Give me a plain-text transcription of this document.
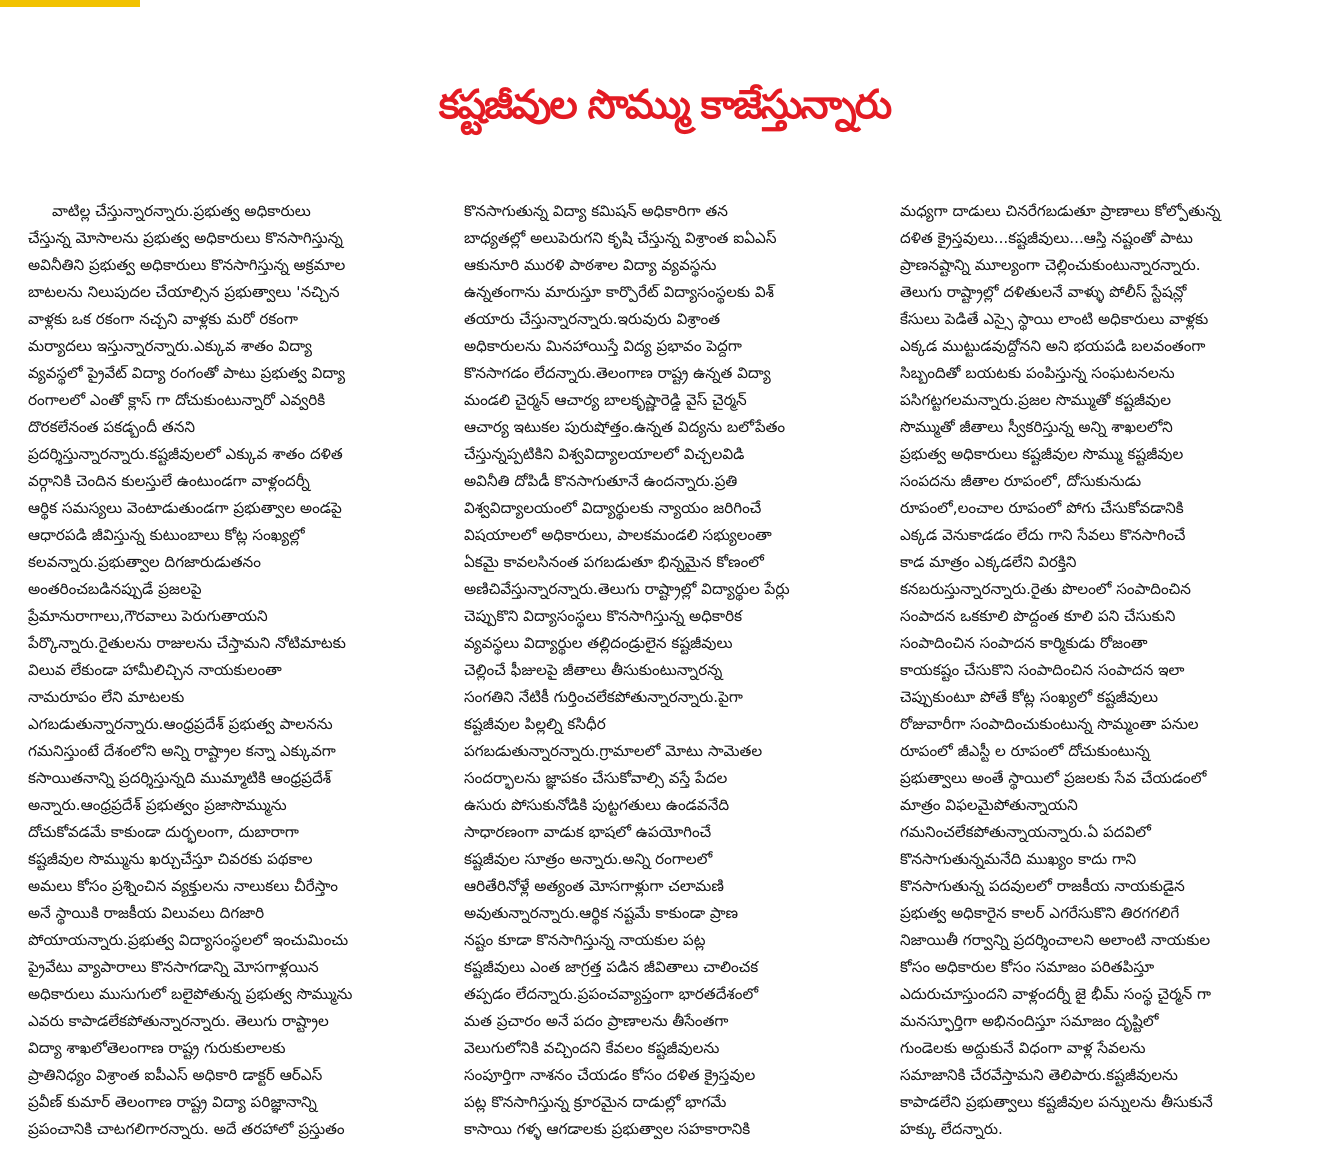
కష్టజీవుల సొమ్ము కాజేస్తున్నారు
వాటిల్ల చేస్తున్నారన్నారు.ప్రభుత్వ అధికారులు
చేస్తున్న మోసాలను ప్రభుత్వ అధికారులు కొనసాగిస్తున్న
అవినీతిని ప్రభుత్వ అధికారులు కొనసాగిస్తున్న అక్రమాల
బాటలను నిలుపుదల చేయాల్సిన ప్రభుత్వాలు 'నచ్చిన
వాళ్లకు ఒక రకంగా నచ్చని వాళ్లకు మరో రకంగా
మర్యాదలు ఇస్తున్నారన్నారు.ఎక్కువ శాతం విద్యా
వ్యవస్థలో ప్రైవేట్ విద్యా రంగంతో పాటు ప్రభుత్వ విద్యా
రంగాలలో ఎంతో క్లాస్ గా దోచుకుంటున్నారో ఎవ్వరికి
దొరకలేనంత పకడ్బందీ తనని
ప్రదర్శిస్తున్నారన్నారు.కష్టజీవులలో ఎక్కువ శాతం దళిత
వర్గానికి చెందిన కులస్తులే ఉంటుండగా వాళ్లందర్నీ
ఆర్థిక సమస్యలు వెంటాడుతుండగా ప్రభుత్వాల అండపై
ఆధారపడి జీవిస్తున్న కుటుంబాలు కోట్ల సంఖ్యల్లో
కలవన్నారు.ప్రభుత్వాల దిగజారుడుతనం
అంతరించబడినప్పుడే ప్రజలపై
ప్రేమానురాగాలు,గౌరవాలు పెరుగుతాయని
పేర్కొన్నారు.రైతులను రాజులను చేస్తామని నోటిమాటకు
విలువ లేకుండా హామీలిచ్చిన నాయకులంతా
నామరూపం లేని మాటలకు
ఎగబడుతున్నారన్నారు.ఆంధ్రప్రదేశ్ ప్రభుత్వ పాలనను
గమనిస్తుంటే దేశంలోని అన్ని రాష్ట్రాల కన్నా ఎక్కువగా
కసాయితనాన్ని ప్రదర్శిస్తున్నది ముమ్మాటికి ఆంధ్రప్రదేశ్
అన్నారు.ఆంధ్రప్రదేశ్ ప్రభుత్వం ప్రజాసొమ్మును
దోచుకోవడమే కాకుండా దుర్భలంగా, దుబారాగా
కష్టజీవుల సొమ్మును ఖర్చుచేస్తూ చివరకు పథకాల
అమలు కోసం ప్రశ్నించిన వ్యక్తులను నాలుకలు చీరేస్తాం
అనే స్థాయికి రాజకీయ విలువలు దిగజారి
పోయాయన్నారు.ప్రభుత్వ విద్యాసంస్థలలో ఇంచుమించు
ప్రైవేటు వ్యాపారాలు కొనసాగడాన్ని మోసగాళ్లయిన
అధికారులు ముసుగులో బలైపోతున్న ప్రభుత్వ సొమ్మును
ఎవరు కాపాడలేకపోతున్నారన్నారు. తెలుగు రాష్ట్రాల
విద్యా శాఖలోతెలంగాణ రాష్ట్ర గురుకులాలకు
ప్రాతినిధ్యం విశ్రాంత ఐపీఎస్ అధికారి డాక్టర్ ఆర్ఎస్
ప్రవీణ్ కుమార్ తెలంగాణ రాష్ట్ర విద్యా పరిజ్ఞానాన్ని
ప్రపంచానికి చాటగలిగారన్నారు. అదే తరహాలో ప్రస్తుతం
కొనసాగుతున్న విద్యా కమిషన్ అధికారిగా తన
బాధ్యతల్లో అలుపెరుగని కృషి చేస్తున్న విశ్రాంత ఐఏఎస్
ఆకునూరి మురళి పాఠశాల విద్యా వ్యవస్థను
ఉన్నతంగాను మారుస్తూ కార్పొరేట్ విద్యాసంస్థలకు విశ్
తయారు చేస్తున్నారన్నారు.ఇరువురు విశ్రాంత
అధికారులను మినహాయిస్తే విద్య ప్రభావం పెద్దగా
కొనసాగడం లేదన్నారు.తెలంగాణ రాష్ట్ర ఉన్నత విద్యా
మండలి చైర్మన్ ఆచార్య బాలకృష్ణారెడ్డి వైస్ చైర్మన్
ఆచార్య ఇటుకల పురుషోత్తం.ఉన్నత విద్యను బలోపేతం
చేస్తున్నప్పటికిని విశ్వవిద్యాలయాలలో విచ్చలవిడి
అవినీతి దోపిడీ కొనసాగుతూనే ఉందన్నారు.ప్రతి
విశ్వవిద్యాలయంలో విద్యార్థులకు న్యాయం జరిగించే
విషయాలలో అధికారులు, పాలకమండలి సభ్యులంతా
ఏకమై కావలసినంత పగబడుతూ భిన్నమైన కోణంలో
అణిచివేస్తున్నారన్నారు.తెలుగు రాష్ట్రాల్లో విద్యార్థుల పేర్లు
చెప్పుకొని విద్యాసంస్థలు కొనసాగిస్తున్న అధికారిక
వ్యవస్థలు విద్యార్థుల తల్లిదండ్రులైన కష్టజీవులు
చెల్లించే ఫీజులపై జీతాలు తీసుకుంటున్నారన్న
సంగతిని నేటికీ గుర్తించలేకపోతున్నారన్నారు.పైగా
కష్టజీవుల పిల్లల్ని కసిధీర
పగబడుతున్నారన్నారు.గ్రామాలలో మోటు సామెతల
సందర్భాలను జ్ఞాపకం చేసుకోవాల్సి వస్తే పేదల
ఉసురు పోసుకునోడికి పుట్టగతులు ఉండవనేది
సాధారణంగా వాడుక భాషలో ఉపయోగించే
కష్టజీవుల సూత్రం అన్నారు.అన్ని రంగాలలో
ఆరితేరినోళ్లే అత్యంత మోసగాళ్లుగా చలామణి
అవుతున్నారన్నారు.ఆర్థిక నష్టమే కాకుండా ప్రాణ
నష్టం కూడా కొనసాగిస్తున్న నాయకుల పట్ల
కష్టజీవులు ఎంత జాగ్రత్త పడిన జీవితాలు చాలించక
తప్పడం లేదన్నారు.ప్రపంచవ్యాప్తంగా భారతదేశంలో
మత ప్రచారం అనే పదం ప్రాణాలను తీసేంతగా
వెలుగులోనికి వచ్చిందని కేవలం కష్టజీవులను
సంపూర్తిగా నాశనం చేయడం కోసం దళిత క్రైస్తవుల
పట్ల కొనసాగిస్తున్న క్రూరమైన దాడుల్లో భాగమే
కాసాయి గళ్ళ ఆగడాలకు ప్రభుత్వాల సహకారానికి
మధ్యగా దాడులు చినరేగబడుతూ ప్రాణాలు కోల్పోతున్న
దళిత క్రైస్తవులు...కష్టజీవులు...ఆస్తి నష్టంతో పాటు
ప్రాణనష్టాన్ని మూల్యంగా చెల్లించుకుంటున్నారన్నారు.
తెలుగు రాష్ట్రాల్లో దళితులనే వాళ్ళు పోలీస్ స్టేషన్లో
కేసులు పెడితే ఎస్సై స్థాయి లాంటి అధికారులు వాళ్లకు
ఎక్కడ ముట్టుడవుద్దోనని అని భయపడి బలవంతంగా
సిబ్బందితో బయటకు పంపిస్తున్న సంఘటనలను
పసిగట్టగలమన్నారు.ప్రజల సొమ్ముతో కష్టజీవుల
సొమ్ముతో జీతాలు స్వీకరిస్తున్న అన్ని శాఖలలోని
ప్రభుత్వ అధికారులు కష్టజీవుల సొమ్ము కష్టజీవుల
సంపదను జీతాల రూపంలో, దోసుకునుడు
రూపంలో,లంచాల రూపంలో పోగు చేసుకోవడానికి
ఎక్కడ వెనుకాడడం లేదు గాని సేవలు కొనసాగించే
కాడ మాత్రం ఎక్కడలేని విరక్తిని
కనబరుస్తున్నారన్నారు.రైతు పొలంలో సంపాదించిన
సంపాదన ఒకకూలి పొద్దంత కూలి పని చేసుకుని
సంపాదించిన సంపాదన కార్మికుడు రోజంతా
కాయకష్టం చేసుకొని సంపాదించిన సంపాదన ఇలా
చెప్పుకుంటూ పోతే కోట్ల సంఖ్యలో కష్టజీవులు
రోజువారీగా సంపాదించుకుంటున్న సొమ్మంతా పనుల
రూపంలో జీఎస్టీ ల రూపంలో దోచుకుంటున్న
ప్రభుత్వాలు అంతే స్థాయిలో ప్రజలకు సేవ చేయడంలో
మాత్రం విఫలమైపోతున్నాయని
గమనించలేకపోతున్నాయన్నారు.ఏ పదవిలో
కొనసాగుతున్నమనేది ముఖ్యం కాదు గాని
కొనసాగుతున్న పదవులలో రాజకీయ నాయకుడైన
ప్రభుత్వ అధికారైన కాలర్ ఎగరేసుకొని తిరగగలిగే
నిజాయితీ గర్వాన్ని ప్రదర్శించాలని అలాంటి నాయకుల
కోసం అధికారుల కోసం సమాజం పరితపిస్తూ
ఎదురుచూస్తుందని వాళ్లందర్నీ జై భీమ్ సంస్థ చైర్మన్ గా
మనస్ఫూర్తిగా అభినందిస్తూ సమాజం దృష్టిలో
గుండెలకు అద్దుకునే విధంగా వాళ్ల సేవలను
సమాజానికి చేరవేస్తామని తెలిపారు.కష్టజీవులను
కాపాడలేని ప్రభుత్వాలు కష్టజీవుల పన్నులను తీసుకునే
హక్కు లేదన్నారు.
